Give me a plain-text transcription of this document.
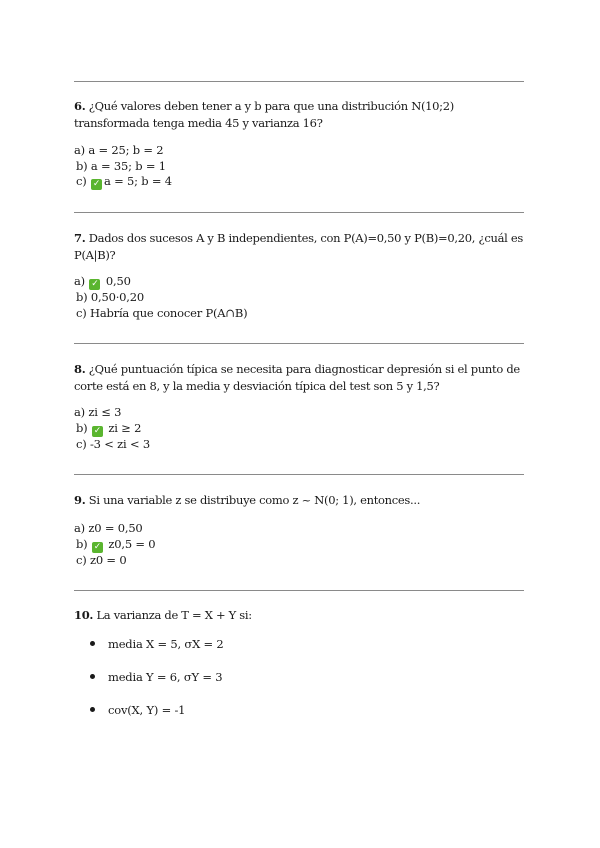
6. ¿Qué valores deben tener a y b para que una distribución N(10;2) transformada tenga media 45 y varianza 16?
a) a = 25; b = 2
b) a = 35; b = 1
c) ✓ a = 5; b = 4
7. Dados dos sucesos A y B independientes, con P(A)=0,50 y P(B)=0,20, ¿cuál es P(A|B)?
a) ✓ 0,50
b) 0,50·0,20
c) Habría que conocer P(A∩B)
8. ¿Qué puntuación típica se necesita para diagnosticar depresión si el punto de corte está en 8, y la media y desviación típica del test son 5 y 1,5?
a) zi ≤ 3
b) ✓ zi ≥ 2
c) -3 < zi < 3
9. Si una variable z se distribuye como z ~ N(0; 1), entonces...
a) z0 = 0,50
b) ✓ z0,5 = 0
c) z0 = 0
10. La varianza de T = X + Y si:
media X = 5, σX = 2
media Y = 6, σY = 3
cov(X, Y) = -1
